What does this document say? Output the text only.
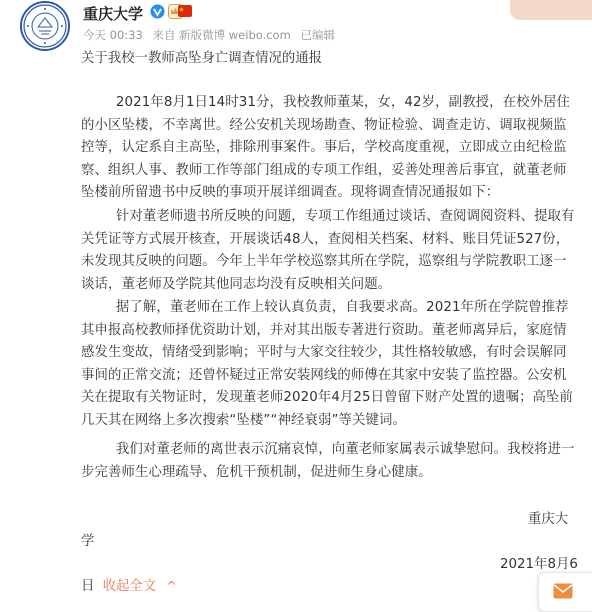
重庆大学
今天 00:33 来自 新版微博 weibo.com 已编辑
关于我校一教师高坠身亡调查情况的通报
2021年8月1日14时31分，我校教师董某，女，42岁，副教授，在校外居住的小区坠楼，不幸离世。经公安机关现场勘查、物证检验、调查走访、调取视频监控等，认定系自主高坠，排除刑事案件。事后，学校高度重视，立即成立由纪检监察、组织人事、教师工作等部门组成的专项工作组，妥善处理善后事宜，就董老师坠楼前所留遗书中反映的事项开展详细调查。现将调查情况通报如下：
针对董老师遗书所反映的问题，专项工作组通过谈话、查阅调阅资料、提取有关凭证等方式展开核查，开展谈话48人，查阅相关档案、材料、账目凭证527份，未发现其反映的问题。今年上半年学校巡察其所在学院，巡察组与学院教职工逐一谈话，董老师及学院其他同志均没有反映相关问题。
据了解，董老师在工作上较认真负责，自我要求高。2021年所在学院曾推荐其申报高校教师择优资助计划，并对其出版专著进行资助。董老师离异后，家庭情感发生变故，情绪受到影响；平时与大家交往较少，其性格较敏感，有时会误解同事间的正常交流；还曾怀疑过正常安装网线的师傅在其家中安装了监控器。公安机关在提取有关物证时，发现董老师2020年4月25日曾留下财产处置的遗嘱；高坠前几天其在网络上多次搜索“坠楼”“神经衰弱”等关键词。
我们对董老师的离世表示沉痛哀悼，向董老师家属表示诚挚慰问。我校将进一步完善师生心理疏导、危机干预机制，促进师生身心健康。
重庆大
学
2021年8月6
日 收起全文 ^
